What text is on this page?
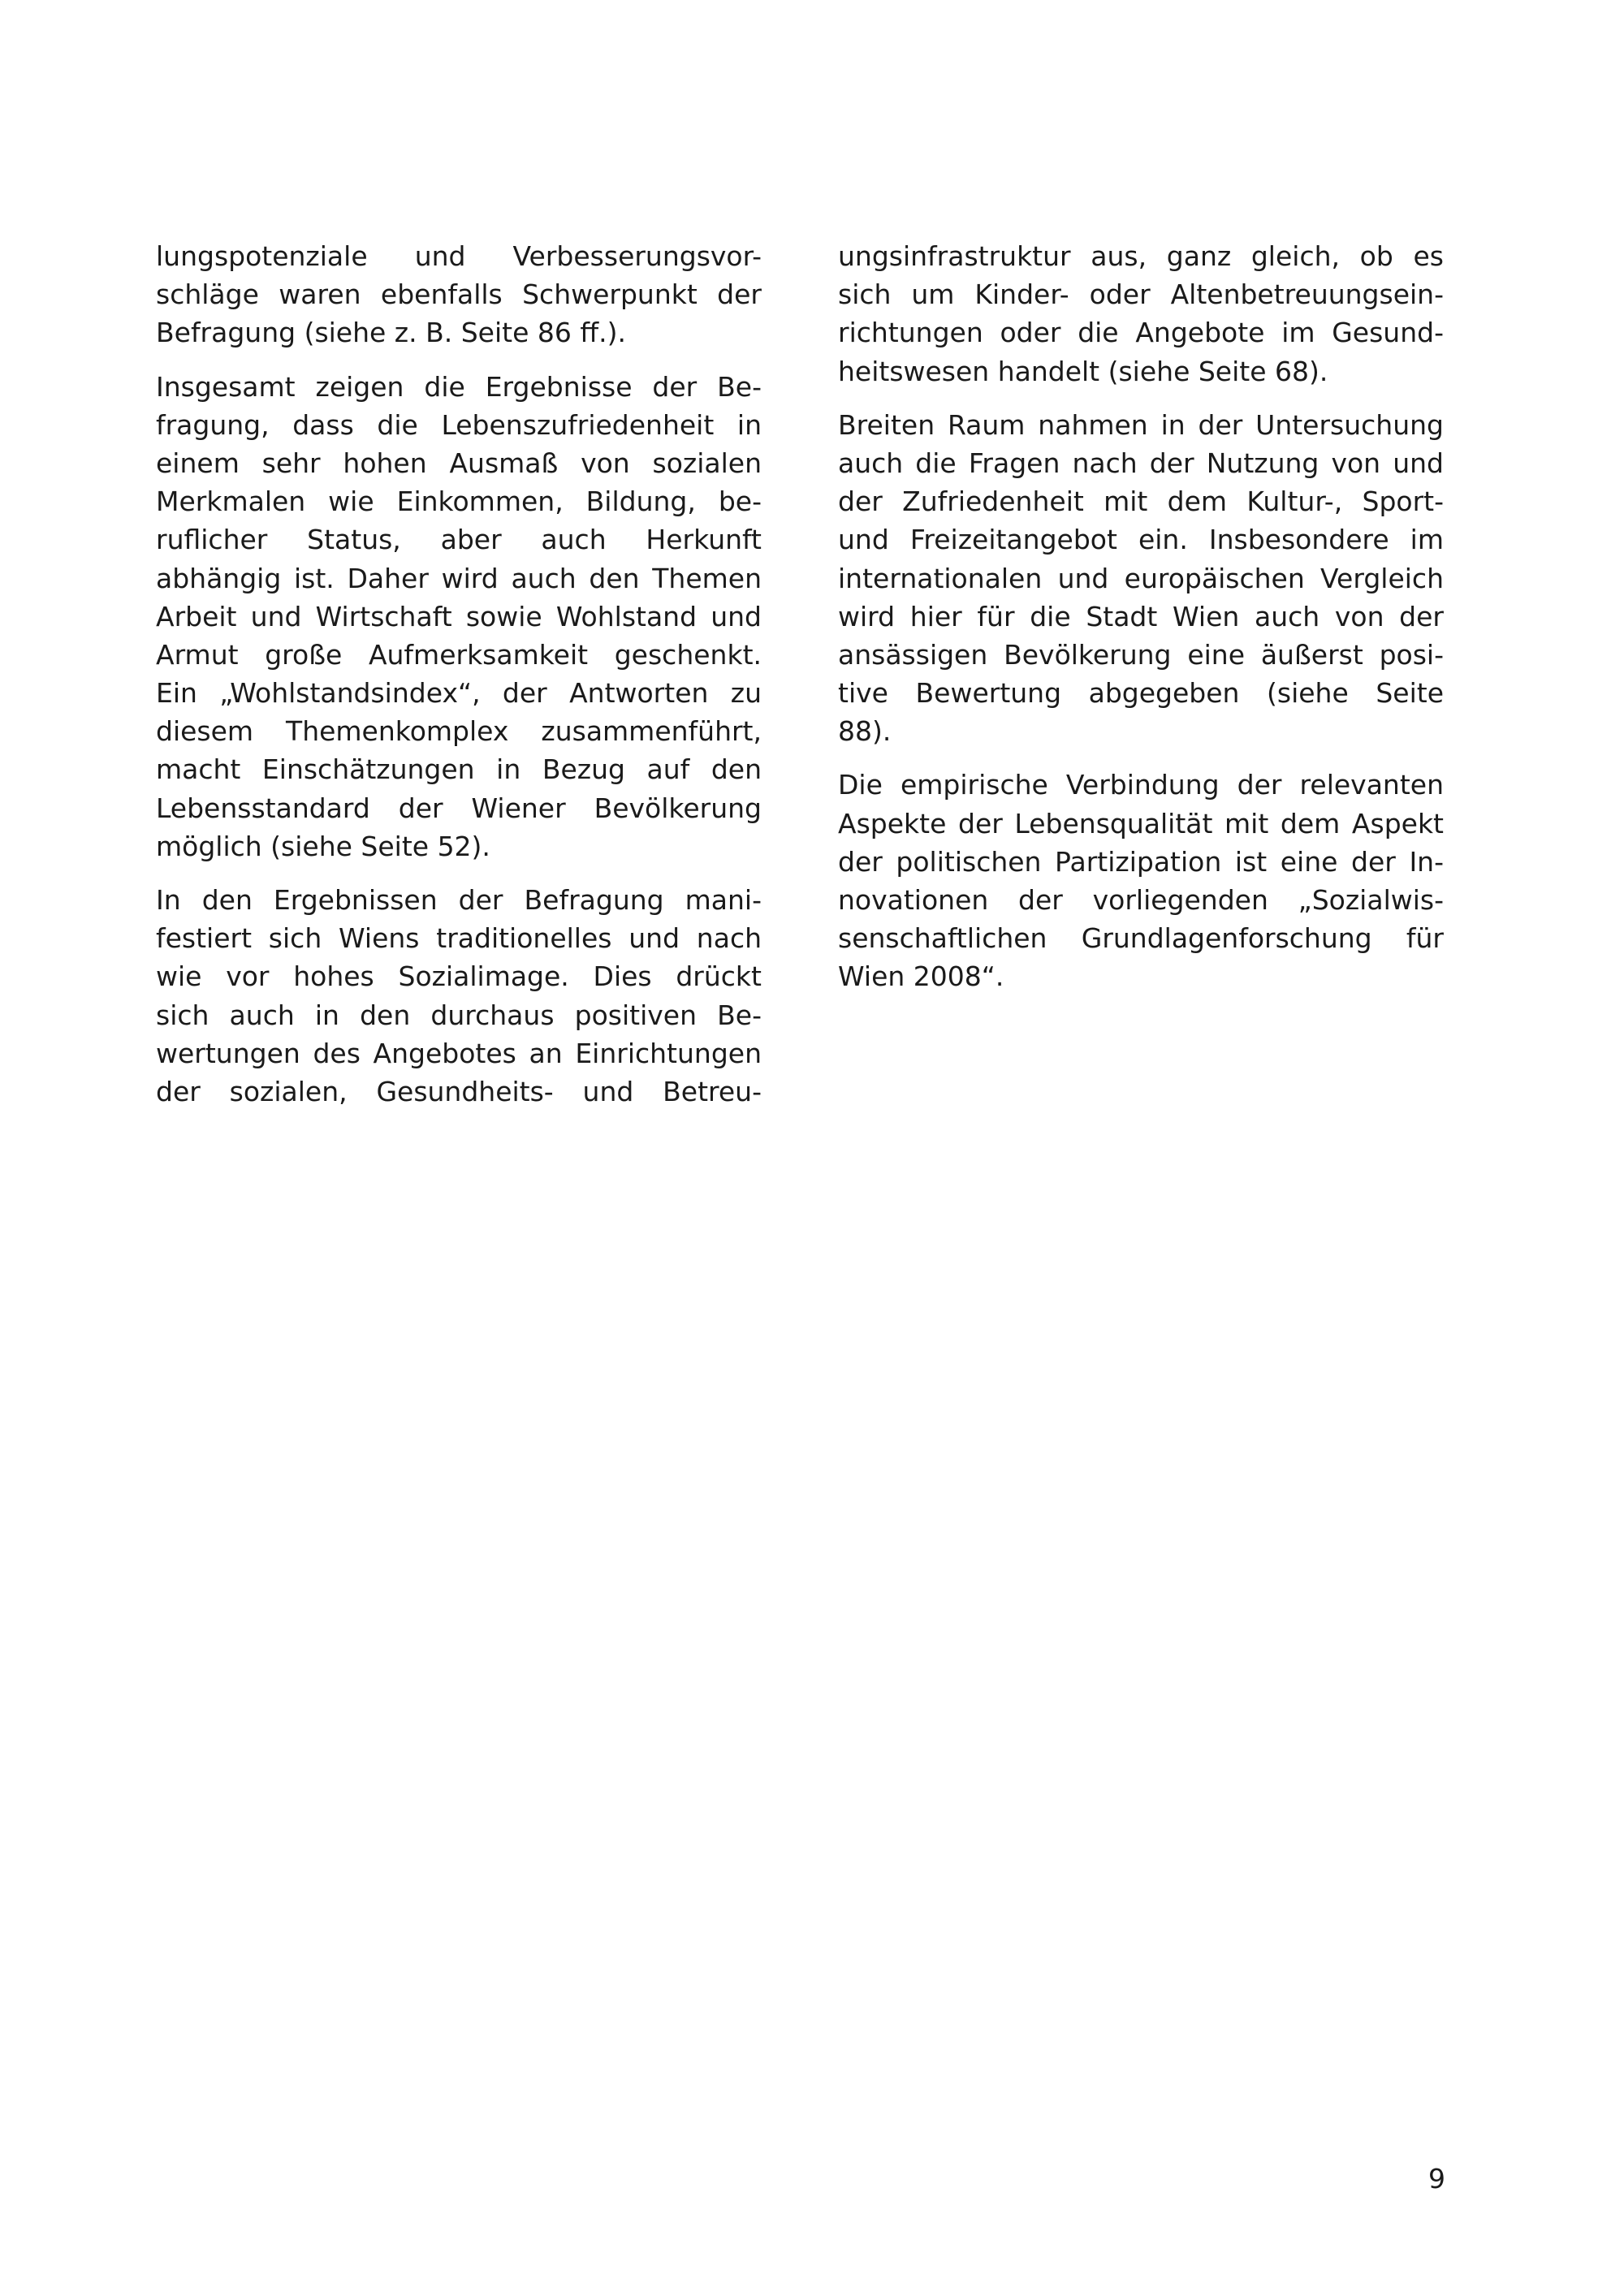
lungspotenziale und Verbesserungsvor-
schläge waren ebenfalls Schwerpunkt der
Befragung (siehe z. B. Seite 86 ff.).
Insgesamt zeigen die Ergebnisse der Be-
fragung, dass die Lebenszufriedenheit in
einem sehr hohen Ausmaß von sozialen
Merkmalen wie Einkommen, Bildung, be-
ruflicher Status, aber auch Herkunft
abhängig ist. Daher wird auch den Themen
Arbeit und Wirtschaft sowie Wohlstand und
Armut große Aufmerksamkeit geschenkt.
Ein „Wohlstandsindex“, der Antworten zu
diesem Themenkomplex zusammenführt,
macht Einschätzungen in Bezug auf den
Lebensstandard der Wiener Bevölkerung
möglich (siehe Seite 52).
In den Ergebnissen der Befragung mani-
festiert sich Wiens traditionelles und nach
wie vor hohes Sozialimage. Dies drückt
sich auch in den durchaus positiven Be-
wertungen des Angebotes an Einrichtungen
der sozialen, Gesundheits- und Betreu-
ungsinfrastruktur aus, ganz gleich, ob es
sich um Kinder- oder Altenbetreuungsein-
richtungen oder die Angebote im Gesund-
heitswesen handelt (siehe Seite 68).
Breiten Raum nahmen in der Untersuchung
auch die Fragen nach der Nutzung von und
der Zufriedenheit mit dem Kultur-, Sport-
und Freizeitangebot ein. Insbesondere im
internationalen und europäischen Vergleich
wird hier für die Stadt Wien auch von der
ansässigen Bevölkerung eine äußerst posi-
tive Bewertung abgegeben (siehe Seite
88).
Die empirische Verbindung der relevanten
Aspekte der Lebensqualität mit dem Aspekt
der politischen Partizipation ist eine der In-
novationen der vorliegenden „Sozialwis-
senschaftlichen Grundlagenforschung für
Wien 2008“.
9
